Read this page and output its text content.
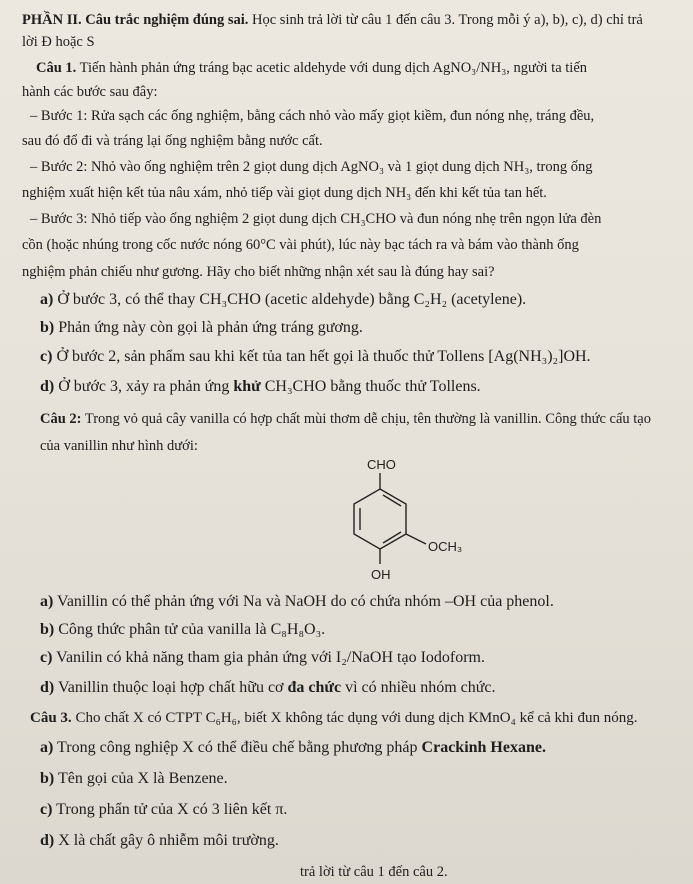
PHẦN II. Câu trắc nghiệm đúng sai. Học sinh trả lời từ câu 1 đến câu 3. Trong mỗi ý a), b), c), d) chỉ trả
lời Đ hoặc S
Câu 1. Tiến hành phản ứng tráng bạc acetic aldehyde với dung dịch AgNO₃/NH₃, người ta tiến
hành các bước sau đây:
– Bước 1: Rửa sạch các ống nghiệm, bằng cách nhỏ vào mấy giọt kiềm, đun nóng nhẹ, tráng đều,
sau đó đổ đi và tráng lại ống nghiệm bằng nước cất.
– Bước 2: Nhỏ vào ống nghiệm trên 2 giọt dung dịch AgNO₃ và 1 giọt dung dịch NH₃, trong ống
nghiệm xuất hiện kết tủa nâu xám, nhỏ tiếp vài giọt dung dịch NH₃ đến khi kết tủa tan hết.
– Bước 3: Nhỏ tiếp vào ống nghiệm 2 giọt dung dịch CH₃CHO và đun nóng nhẹ trên ngọn lửa đèn
cồn (hoặc nhúng trong cốc nước nóng 60°C vài phút), lúc này bạc tách ra và bám vào thành ống
nghiệm phản chiếu như gương. Hãy cho biết những nhận xét sau là đúng hay sai?
a) Ở bước 3, có thể thay CH₃CHO (acetic aldehyde) bằng C₂H₂ (acetylene).
b) Phản ứng này còn gọi là phản ứng tráng gương.
c) Ở bước 2, sản phẩm sau khi kết tủa tan hết gọi là thuốc thử Tollens [Ag(NH₃)₂]OH.
d) Ở bước 3, xảy ra phản ứng khử CH₃CHO bằng thuốc thử Tollens.
Câu 2: Trong vỏ quả cây vanilla có hợp chất mùi thơm dễ chịu, tên thường là vanillin. Công thức cấu tạo
của vanillin như hình dưới:
CHO
OCH₃
OH
a) Vanillin có thể phản ứng với Na và NaOH do có chứa nhóm –OH của phenol.
b) Công thức phân tử của vanilla là C₈H₈O₃.
c) Vanilin có khả năng tham gia phản ứng với I₂/NaOH tạo Iodoform.
d) Vanillin thuộc loại hợp chất hữu cơ đa chức vì có nhiều nhóm chức.
Câu 3. Cho chất X có CTPT C₆H₆, biết X không tác dụng với dung dịch KMnO₄ kể cả khi đun nóng.
a) Trong công nghiệp X có thể điều chế bằng phương pháp Crackinh Hexane.
b) Tên gọi của X là Benzene.
c) Trong phẩn tử của X có 3 liên kết π.
d) X là chất gây ô nhiễm môi trường.
trả lời từ câu 1 đến câu 2.
